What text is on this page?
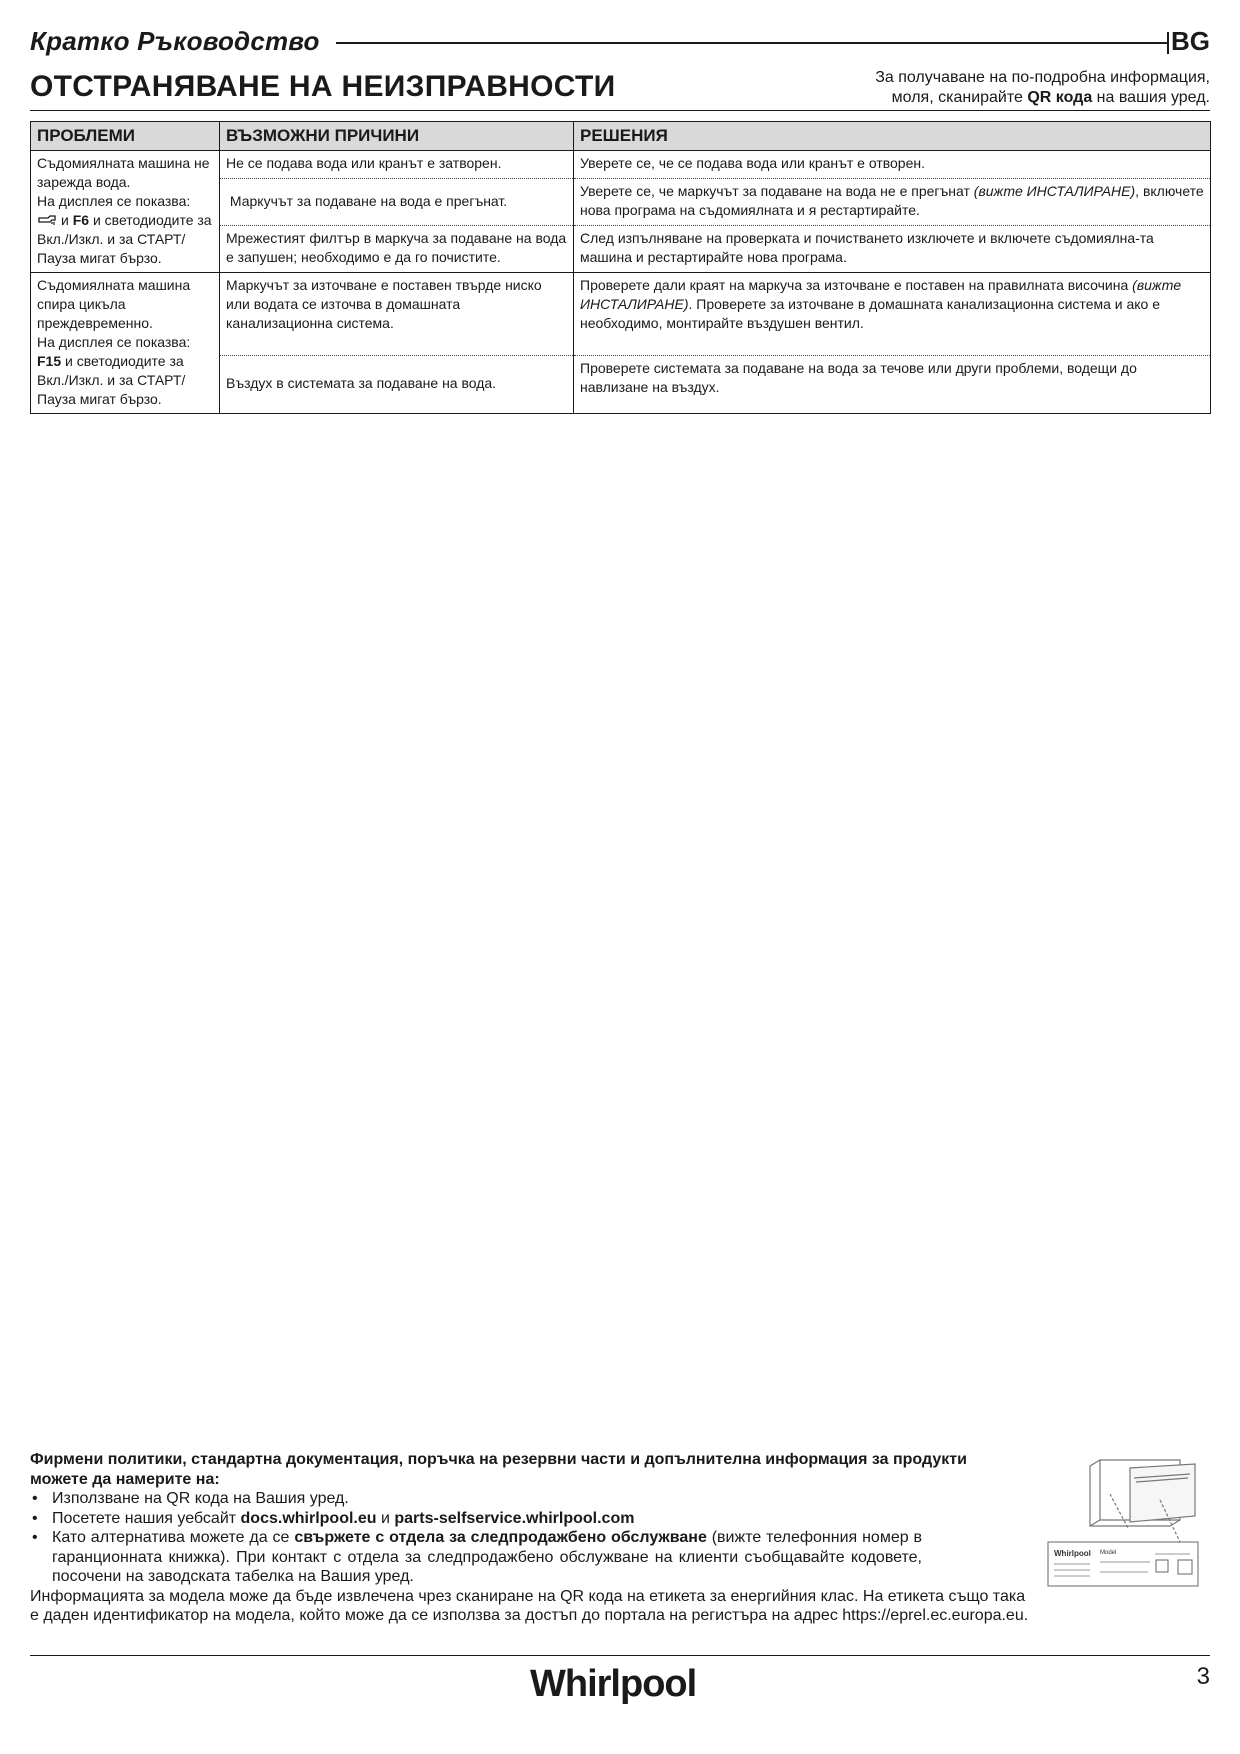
Кратко Ръководство	BG
ОТСТРАНЯВАНЕ НА НЕИЗПРАВНОСТИ	За получаване на по-подробна информация,
моля, сканирайте QR кода на вашия уред.
ПРОБЛЕМИ	ВЪЗМОЖНИ ПРИЧИНИ	РЕШЕНИЯ
Съдомиялната машина не зарежда вода.
На дисплея се показва:
и F6 и светодиодите за Вкл./Изкл. и за СТАРТ/Пауза мигат бързо.	Не се подава вода или кранът е затворен.	Уверете се, че се подава вода или кранът е отворен.
	Маркучът за подаване на вода е прегънат.	Уверете се, че маркучът за подаване на вода не е прегънат (вижте ИНСТАЛИРАНЕ), включете нова програма на съдомиялната и я рестартирайте.
	Мрежестият филтър в маркуча за подаване на вода е запушен; необходимо е да го почистите.	След изпълняване на проверката и почистването изключете и включете съдомиялна-та машина и рестартирайте нова програма.
Съдомиялната машина спира цикъла преждевременно.
На дисплея се показва: F15 и светодиодите за Вкл./Изкл. и за СТАРТ/Пауза мигат бързо.	Маркучът за източване е поставен твърде ниско или водата се източва в домашната канализационна система.	Проверете дали краят на маркуча за източване е поставен на правилната височина (вижте ИНСТАЛИРАНЕ). Проверете за източване в домашната канализационна система и ако е необходимо, монтирайте въздушен вентил.
	Въздух в системата за подаване на вода.	Проверете системата за подаване на вода за течове или други проблеми, водещи до навлизане на въздух.
Фирмени политики, стандартна документация, поръчка на резервни части и допълнителна информация за продукти можете да намерите на:
• Използване на QR кода на Вашия уред.
• Посетете нашия уебсайт docs.whirlpool.eu и parts-selfservice.whirlpool.com
• Като алтернатива можете да се свържете с отдела за следпродажбено обслужване (вижте телефонния номер в гаранционната книжка). При контакт с отдела за следпродажбено обслужване на клиенти съобщавайте кодовете, посочени на заводската табелка на Вашия уред.
Информацията за модела може да бъде извлечена чрез сканиране на QR кода на етикета за енергийния клас. На етикета също така е даден идентификатор на модела, който може да се използва за достъп до портала на регистъра на адрес https://eprel.ec.europa.eu.
Whirlpool Model
Whirlpool	3
